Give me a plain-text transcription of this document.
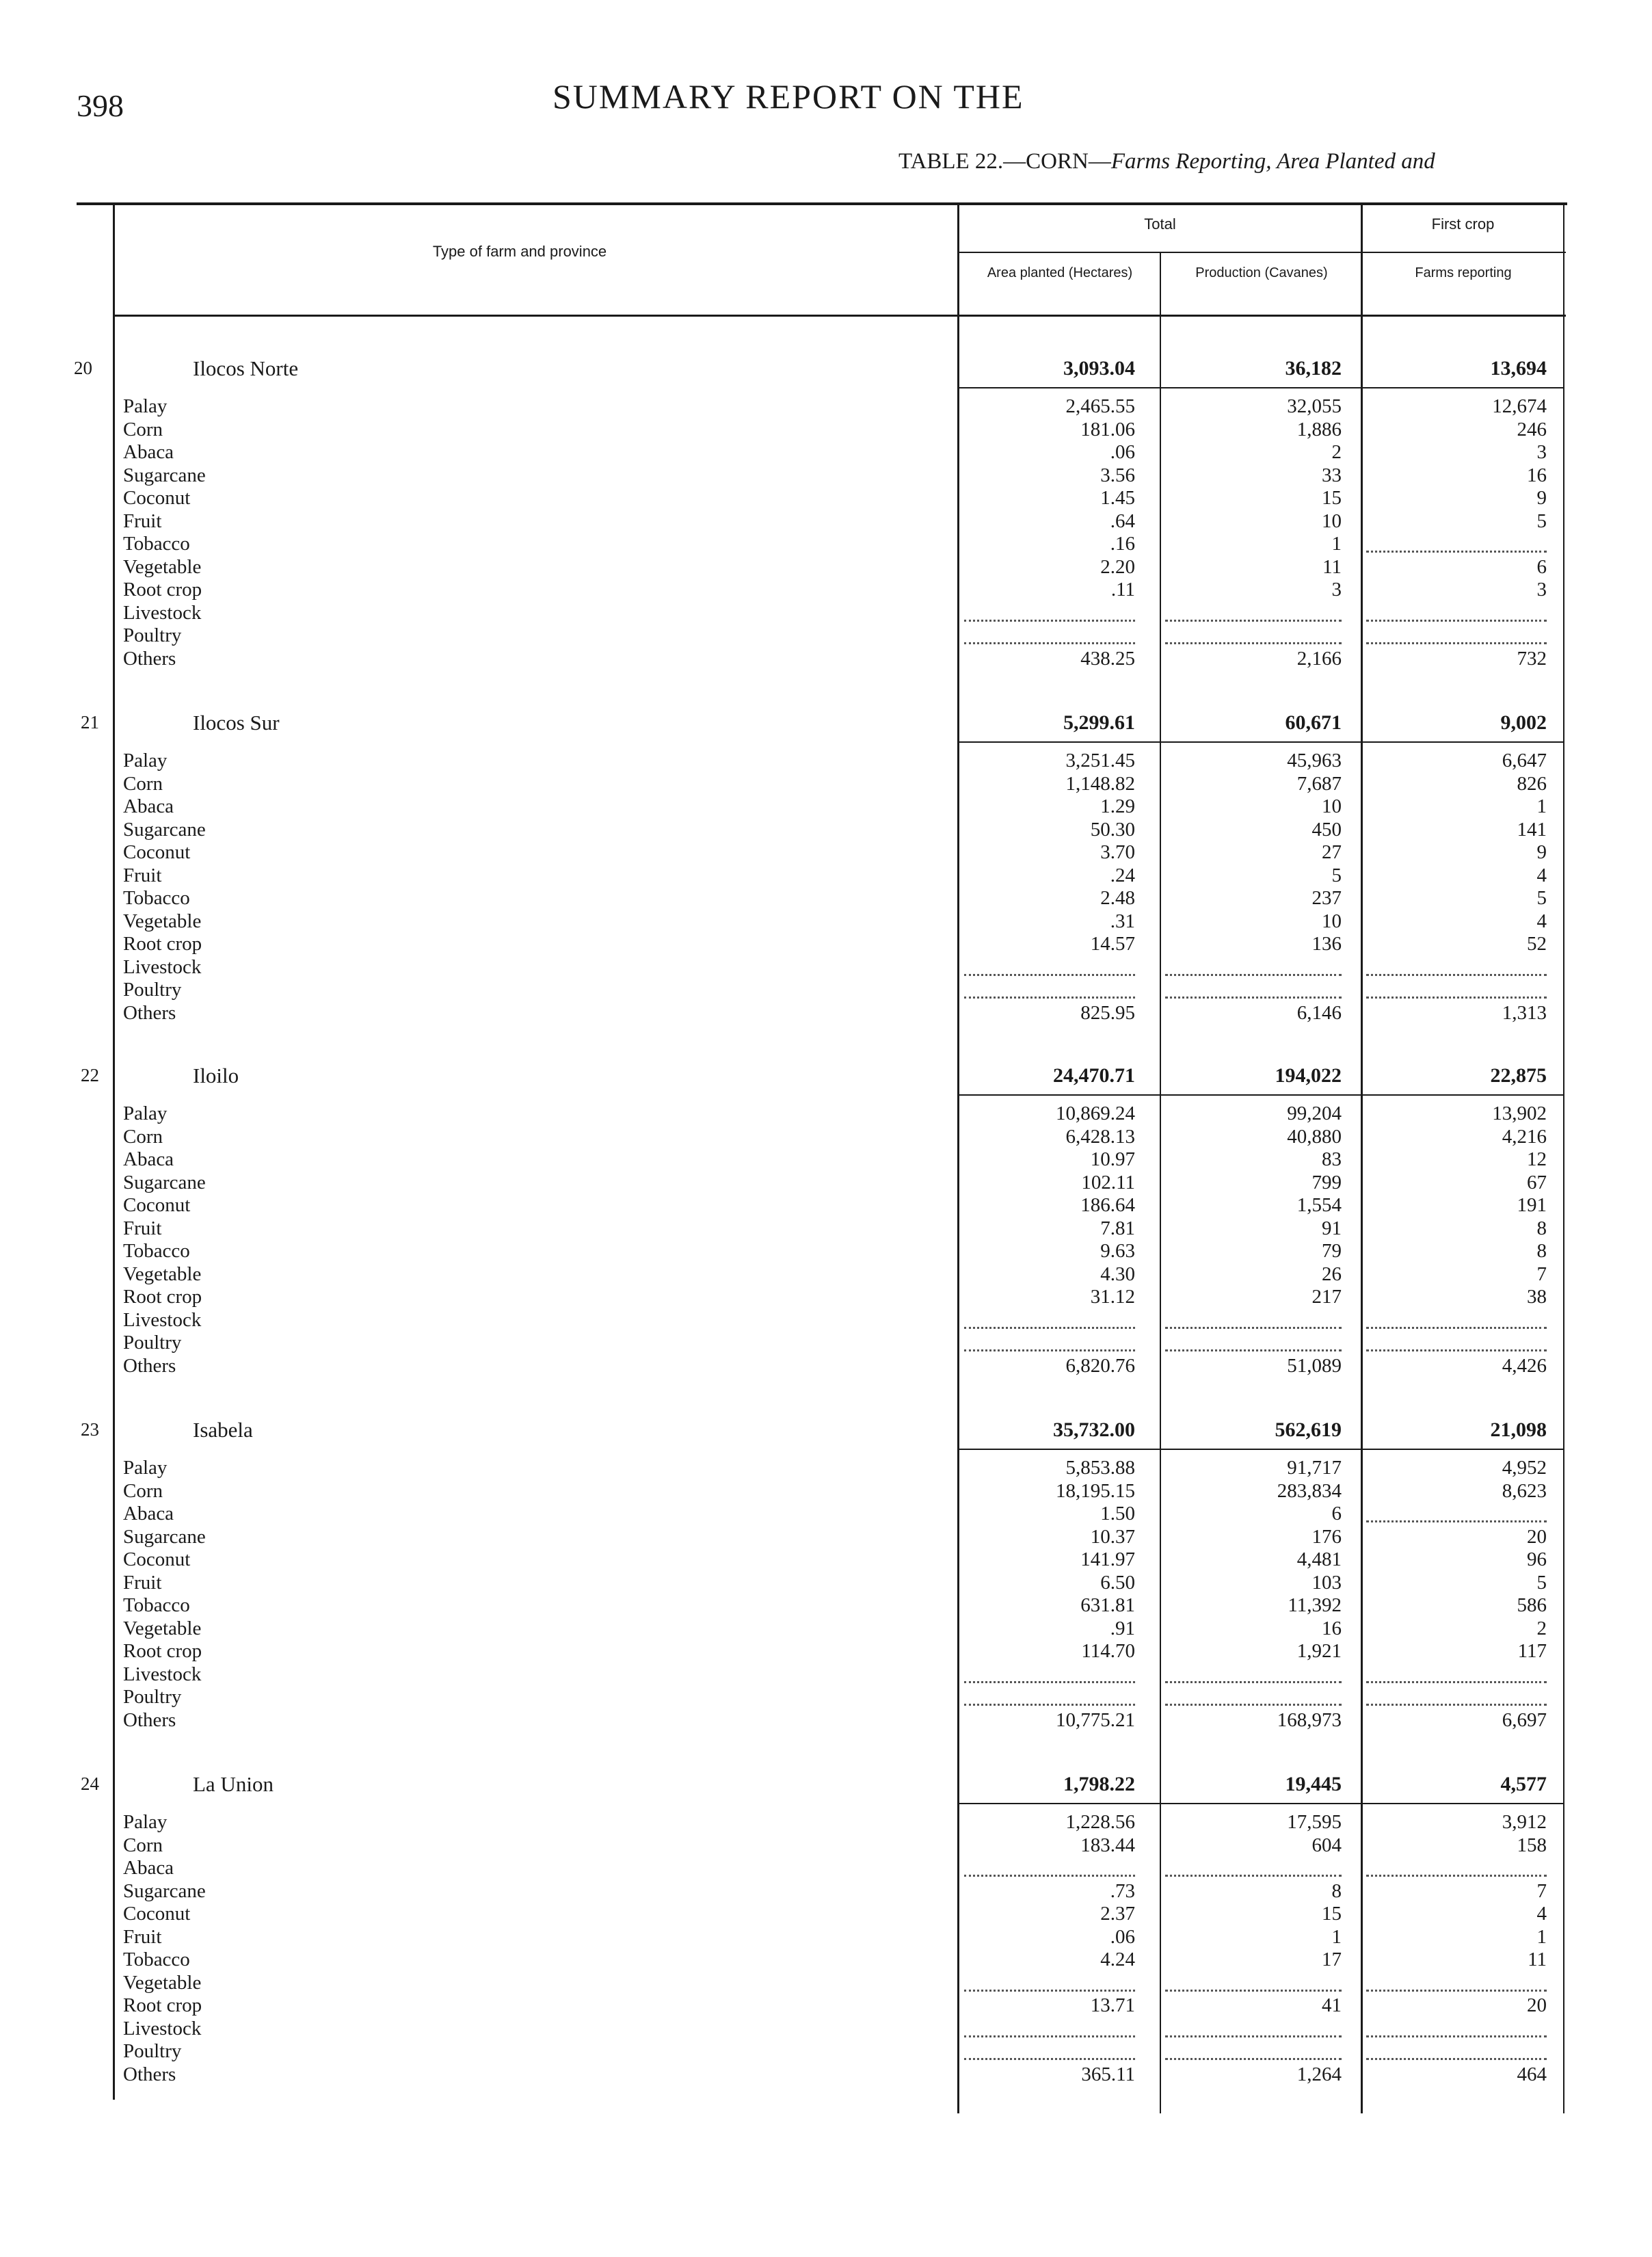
398	SUMMARY REPORT ON THE
TABLE 22.—CORN—Farms Reporting, Area Planted and
Type of farm and province
Total	First crop
Area planted (Hectares)	Production (Cavanes)	Farms reporting
20	Ilocos Norte	3,093.04	36,182	13,694
Palay	2,465.55	32,055	12,674
Corn	181.06	1,886	246
Abaca	.06	2	3
Sugarcane	3.56	33	16
Coconut	1.45	15	9
Fruit	.64	10	5
Tobacco	.16	1
Vegetable	2.20	11	6
Root crop	.11	3	3
Livestock
Poultry
Others	438.25	2,166	732
21	Ilocos Sur	5,299.61	60,671	9,002
Palay	3,251.45	45,963	6,647
Corn	1,148.82	7,687	826
Abaca	1.29	10	1
Sugarcane	50.30	450	141
Coconut	3.70	27	9
Fruit	.24	5	4
Tobacco	2.48	237	5
Vegetable	.31	10	4
Root crop	14.57	136	52
Livestock
Poultry
Others	825.95	6,146	1,313
22	Iloilo	24,470.71	194,022	22,875
Palay	10,869.24	99,204	13,902
Corn	6,428.13	40,880	4,216
Abaca	10.97	83	12
Sugarcane	102.11	799	67
Coconut	186.64	1,554	191
Fruit	7.81	91	8
Tobacco	9.63	79	8
Vegetable	4.30	26	7
Root crop	31.12	217	38
Livestock
Poultry
Others	6,820.76	51,089	4,426
23	Isabela	35,732.00	562,619	21,098
Palay	5,853.88	91,717	4,952
Corn	18,195.15	283,834	8,623
Abaca	1.50	6
Sugarcane	10.37	176	20
Coconut	141.97	4,481	96
Fruit	6.50	103	5
Tobacco	631.81	11,392	586
Vegetable	.91	16	2
Root crop	114.70	1,921	117
Livestock
Poultry
Others	10,775.21	168,973	6,697
24	La Union	1,798.22	19,445	4,577
Palay	1,228.56	17,595	3,912
Corn	183.44	604	158
Abaca
Sugarcane	.73	8	7
Coconut	2.37	15	4
Fruit	.06	1	1
Tobacco	4.24	17	11
Vegetable
Root crop	13.71	41	20
Livestock
Poultry
Others	365.11	1,264	464
